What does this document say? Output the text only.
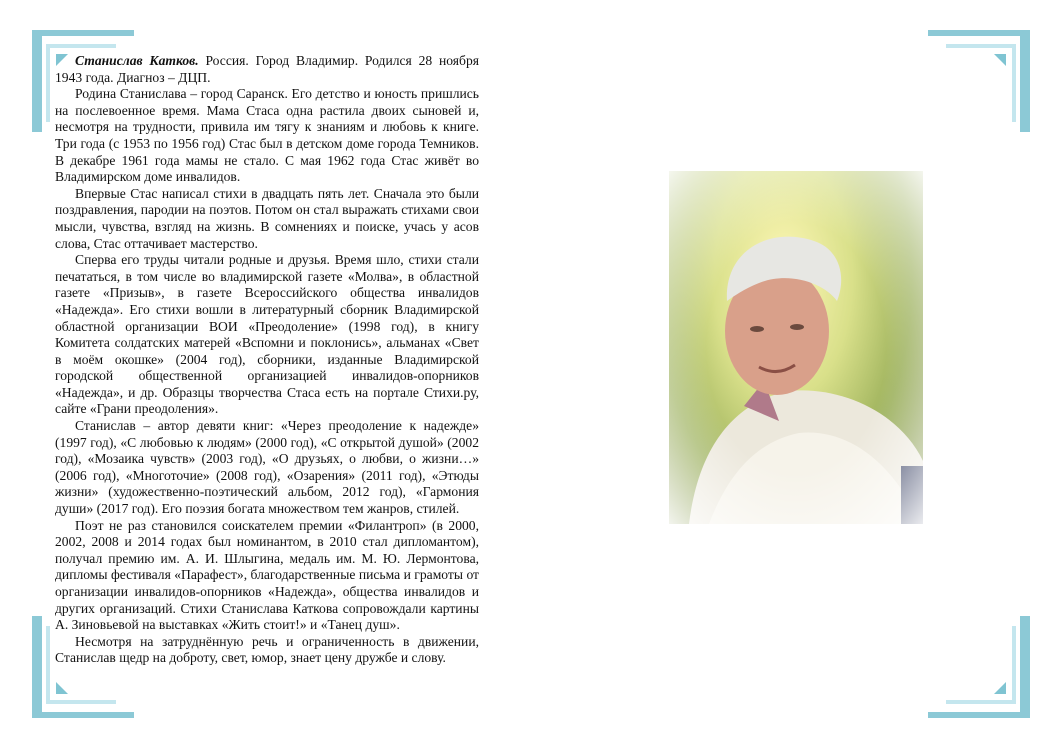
Станислав Катков. Россия. Город Владимир. Родился 28 ноября 1943 года. Диагноз – ДЦП.

Родина Станислава – город Саранск. Его детство и юность пришлись на послевоенное время. Мама Стаса одна растила двоих сыновей и, несмотря на трудности, привила им тягу к знаниям и любовь к книге. Три года (с 1953 по 1956 год) Стас был в детском доме города Темников. В декабре 1961 года мамы не стало. С мая 1962 года Стас живёт во Владимирском доме инвалидов.

Впервые Стас написал стихи в двадцать пять лет. Сначала это были поздравления, пародии на поэтов. Потом он стал выражать стихами свои мысли, чувства, взгляд на жизнь. В сомнениях и поиске, учась у асов слова, Стас оттачивает мастерство.

Сперва его труды читали родные и друзья. Время шло, стихи стали печататься, в том числе во владимирской газете «Молва», в областной газете «Призыв», в газете Всероссийского общества инвалидов «Надежда». Его стихи вошли в литературный сборник Владимирской областной организации ВОИ «Преодоление» (1998 год), в книгу Комитета солдатских матерей «Вспомни и поклонись», альманах «Свет в моём окошке» (2004 год), сборники, изданные Владимирской городской общественной организацией инвалидов-опорников «Надежда», и др. Образцы творчества Стаса есть на портале Стихи.ру, сайте «Грани преодоления».

Станислав – автор девяти книг: «Через преодоление к надежде» (1997 год), «С любовью к людям» (2000 год), «С открытой душой» (2002 год), «Мозаика чувств» (2003 год), «О друзьях, о любви, о жизни…» (2006 год), «Многоточие» (2008 год), «Озарения» (2011 год), «Этюды жизни» (художественно-поэтический альбом, 2012 год), «Гармония души» (2017 год). Его поэзия богата множеством тем жанров, стилей.

Поэт не раз становился соискателем премии «Филантроп» (в 2000, 2002, 2008 и 2014 годах был номинантом, в 2010 стал дипломантом), получал премию им. А. И. Шлыгина, медаль им. М. Ю. Лермонтова, дипломы фестиваля «Парафест», благодарственные письма и грамоты от организации инвалидов-опорников «Надежда», общества инвалидов и других организаций. Стихи Станислава Каткова сопровождали картины А. Зиновьевой на выставках «Жить стоит!» и «Танец душ».

Несмотря на затруднённую речь и ограниченность в движении, Станислав щедр на доброту, свет, юмор, знает цену дружбе и слову.
